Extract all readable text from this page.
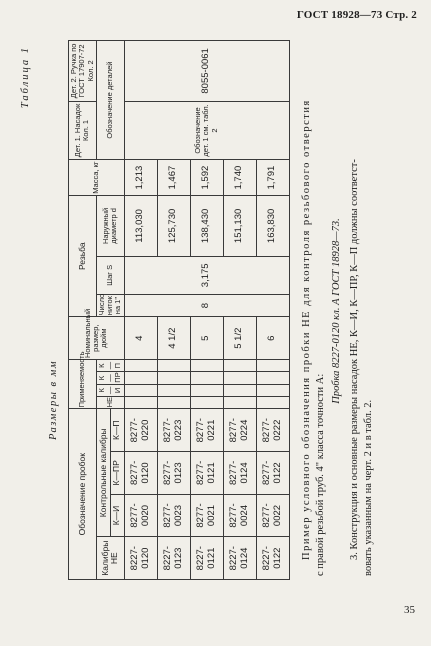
ГОСТ 18928—73 Стр. 2
Таблица 1
Размеры в мм
Обозначение пробок				Применяемость				Номинальный размер, дюйм	Резьба			Масса, кг	Дет. 1. Насадок Кол. 1	Дет. 2. Ручка по ГОСТ 17907-72 Кол. 2
Калибры НЕ	Контрольные калибры			НЕ	К—И	К—ПР	К—П		Число ниток на 1"	Шаг S	Наружный диаметр d		Обозначение деталей	
	К—И	К—ПР	К—П											
8227-0120	8277-0020	8277-0120	8277-0220					4	8	3,175	113,030	1,213	Обозначение дет. 1 см. табл. 2	8055-0061
8227-0123	8277-0023	8277-0123	8277-0223					4 1/2			125,730	1,467		
8227-0121	8277-0021	8277-0121	8277-0221					5			138,430	1,592		
8227-0124	8277-0024	8277-0124	8277-0224					5 1/2			151,130	1,740		
8227-0122	8277-0022	8277-0122	8277-0222					6			163,830	1,791		Пример условного обозначения пробки НЕ для контроля резьбового отверстия с правой резьбой труб. 4" класса точности А:

Пробка 8227-0120 кл. А ГОСТ 18928—73. 3. Конструкция и основные размеры насадок НЕ, К—И, К—ПР, К—П должны соответст- вовать указанным на черт. 2 и в табл. 2.

35
